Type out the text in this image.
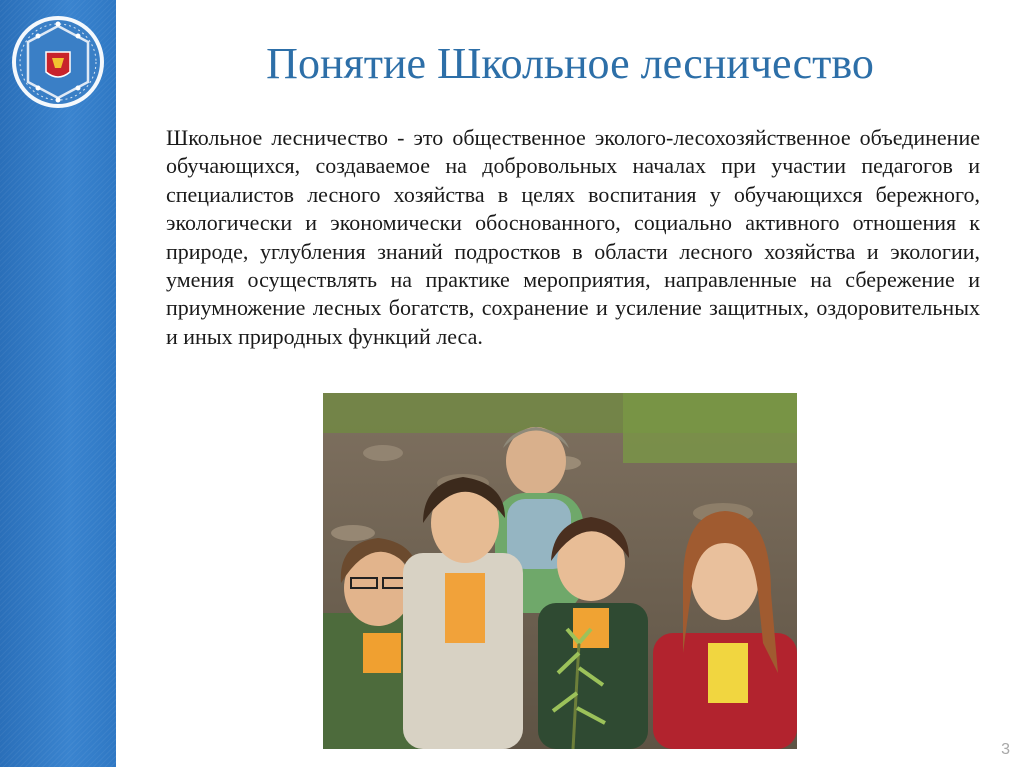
Понятие Школьное лесничество

Школьное лесничество - это общественное эколого-лесохозяйственное объединение обучающихся, создаваемое на добровольных началах при участии педагогов и специалистов лесного хозяйства в целях воспитания у обучающихся бережного, экологически и экономически обоснованного, социально активного отношения к природе, углубления знаний подростков в области лесного хозяйства и экологии, умения осуществлять на практике мероприятия, направленные на сбережение и приумножение лесных богатств, сохранение и усиление защитных, оздоровительных и иных природных функций леса.

3
